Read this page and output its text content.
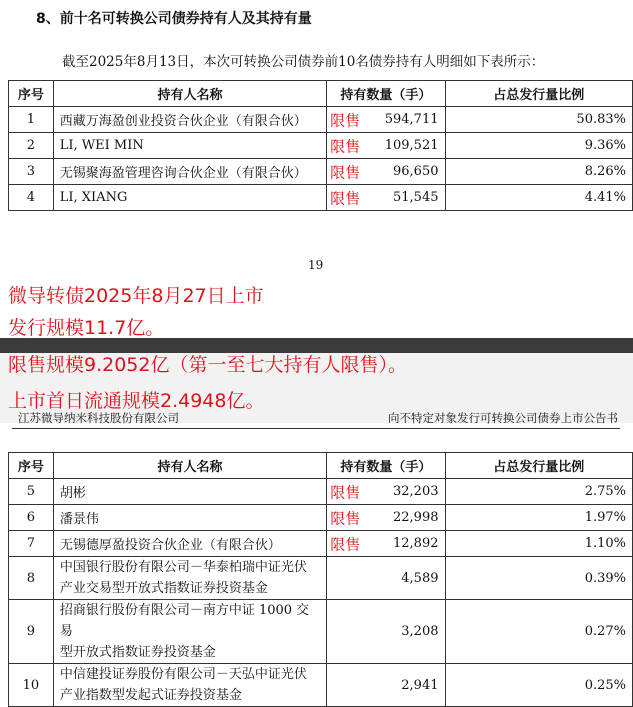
8、前十名可转换公司债券持有人及其持有量
截至2025年8月13日，本次可转换公司债券前10名债券持有人明细如下表所示：
序号	持有人名称	持有数量（手）	占总发行量比例
1	西藏万海盈创业投资合伙企业（有限合伙）	限售 594,711	50.83%
2	LI, WEI MIN	限售 109,521	9.36%
3	无锡聚海盈管理咨询合伙企业（有限合伙）	限售 96,650	8.26%
4	LI, XIANG	限售 51,545	4.41%
19
微导转债2025年8月27日上市
发行规模11.7亿。
限售规模9.2052亿（第一至七大持有人限售）。
上市首日流通规模2.4948亿。
江苏微导纳米科技股份有限公司	向不特定对象发行可转换公司债券上市公告书
序号	持有人名称	持有数量（手）	占总发行量比例
5	胡彬	限售 32,203	2.75%
6	潘景伟	限售 22,998	1.97%
7	无锡德厚盈投资合伙企业（有限合伙）	限售 12,892	1.10%
8	中国银行股份有限公司－华泰柏瑞中证光伏
产业交易型开放式指数证券投资基金	4,589	0.39%
9	招商银行股份有限公司－南方中证 1000 交易
型开放式指数证券投资基金	3,208	0.27%
10	中信建投证券股份有限公司－天弘中证光伏
产业指数型发起式证券投资基金	2,941	0.25%
